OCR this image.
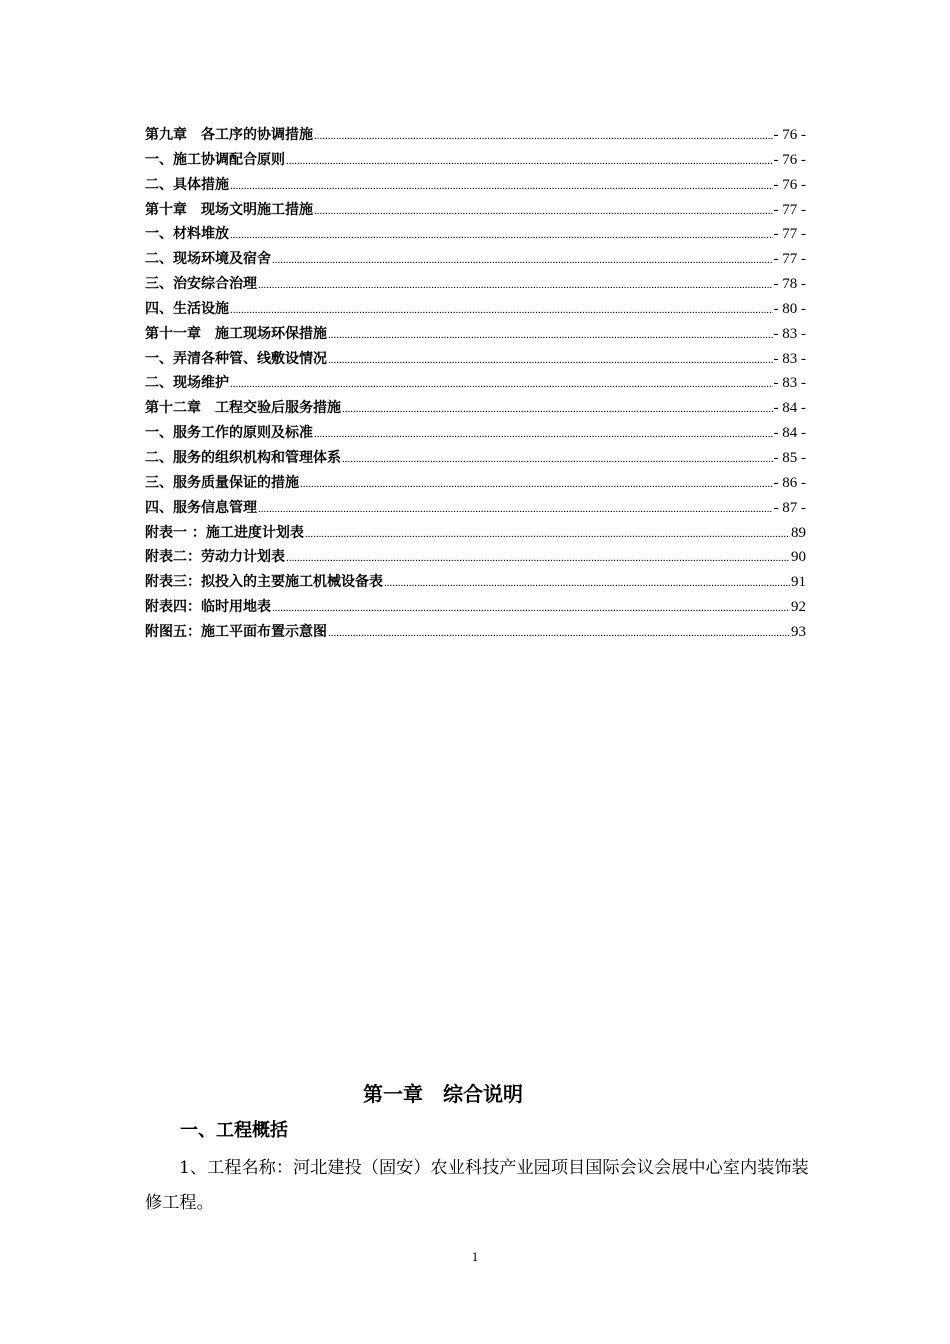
第九章　各工序的协调措施 .....	- 76 -
一、施工协调配合原则 .....	- 76 -
二、具体措施 .....	- 76 -
第十章　现场文明施工措施 .....	- 77 -
一、材料堆放 .....	- 77 -
二、现场环境及宿舍 .....	- 77 -
三、治安综合治理 .....	- 78 -
四、生活设施 .....	- 80 -
第十一章　施工现场环保措施 .....	- 83 -
一、弄清各种管、线敷设情况 .....	- 83 -
二、现场维护 .....	- 83 -
第十二章　工程交验后服务措施 .....	- 84 -
一、服务工作的原则及标准 .....	- 84 -
二、服务的组织机构和管理体系 .....	- 85 -
三、服务质量保证的措施 .....	- 86 -
四、服务信息管理 .....	- 87 -
附表一 ：施工进度计划表 .....	89
附表二：劳动力计划表 .....	90
附表三：拟投入的主要施工机械设备表 .....	91
附表四：临时用地表 .....	92
附图五：施工平面布置示意图 .....	93
第一章　综合说明
一、工程概括
1、工程名称：河北建投（固安）农业科技产业园项目国际会议会展中心室内装饰装修工程。
1
